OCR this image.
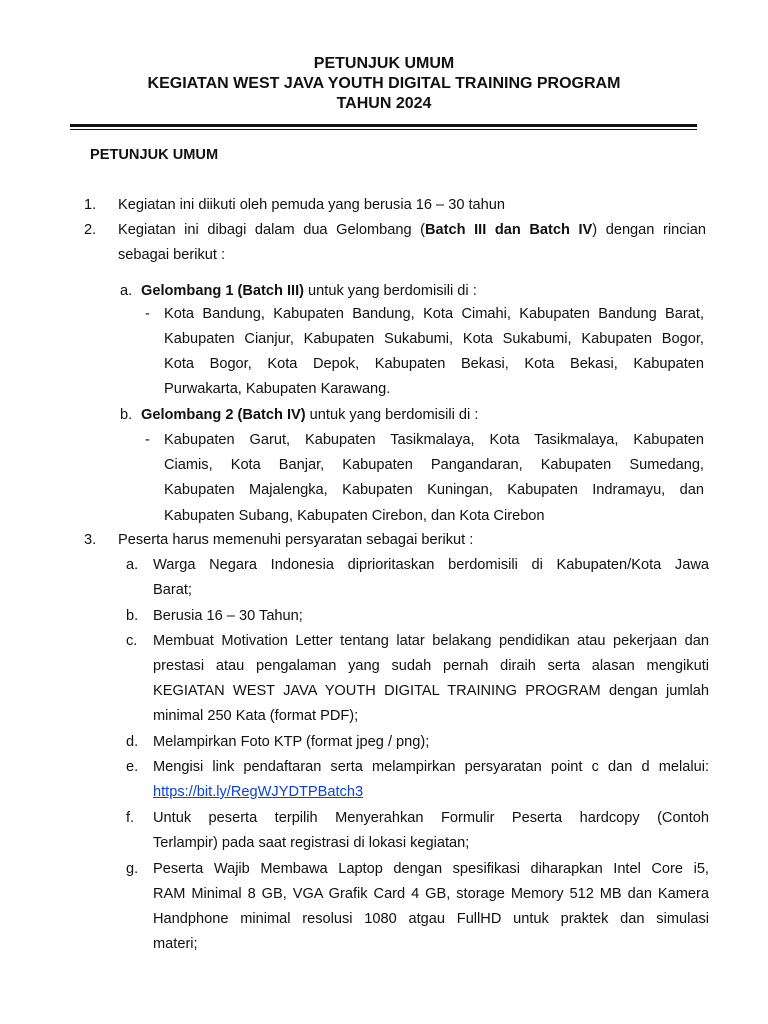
PETUNJUK UMUM
KEGIATAN WEST JAVA YOUTH DIGITAL TRAINING PROGRAM
TAHUN 2024
PETUNJUK UMUM
1. Kegiatan ini diikuti oleh pemuda yang berusia 16 – 30 tahun
2. Kegiatan ini dibagi dalam dua Gelombang (Batch III dan Batch IV) dengan rincian
sebagai berikut :
a. Gelombang 1 (Batch III) untuk yang berdomisili di :
- Kota Bandung, Kabupaten Bandung, Kota Cimahi, Kabupaten Bandung Barat,
Kabupaten Cianjur, Kabupaten Sukabumi, Kota Sukabumi, Kabupaten Bogor,
Kota Bogor, Kota Depok, Kabupaten Bekasi, Kota Bekasi, Kabupaten
Purwakarta, Kabupaten Karawang.
b. Gelombang 2 (Batch IV) untuk yang berdomisili di :
- Kabupaten Garut, Kabupaten Tasikmalaya, Kota Tasikmalaya, Kabupaten
Ciamis, Kota Banjar, Kabupaten Pangandaran, Kabupaten Sumedang,
Kabupaten Majalengka, Kabupaten Kuningan, Kabupaten Indramayu, dan
Kabupaten Subang, Kabupaten Cirebon, dan Kota Cirebon
3. Peserta harus memenuhi persyaratan sebagai berikut :
a. Warga Negara Indonesia diprioritaskan berdomisili di Kabupaten/Kota Jawa
Barat;
b. Berusia 16 – 30 Tahun;
c. Membuat Motivation Letter tentang latar belakang pendidikan atau pekerjaan dan
prestasi atau pengalaman yang sudah pernah diraih serta alasan mengikuti
KEGIATAN WEST JAVA YOUTH DIGITAL TRAINING PROGRAM dengan jumlah
minimal 250 Kata (format PDF);
d. Melampirkan Foto KTP (format jpeg / png);
e. Mengisi link pendaftaran serta melampirkan persyaratan point c dan d melalui:
https://bit.ly/RegWJYDTPBatch3
f. Untuk peserta terpilih Menyerahkan Formulir Peserta hardcopy (Contoh
Terlampir) pada saat registrasi di lokasi kegiatan;
g. Peserta Wajib Membawa Laptop dengan spesifikasi diharapkan Intel Core i5,
RAM Minimal 8 GB, VGA Grafik Card 4 GB, storage Memory 512 MB dan Kamera
Handphone minimal resolusi 1080 atgau FullHD untuk praktek dan simulasi
materi;
